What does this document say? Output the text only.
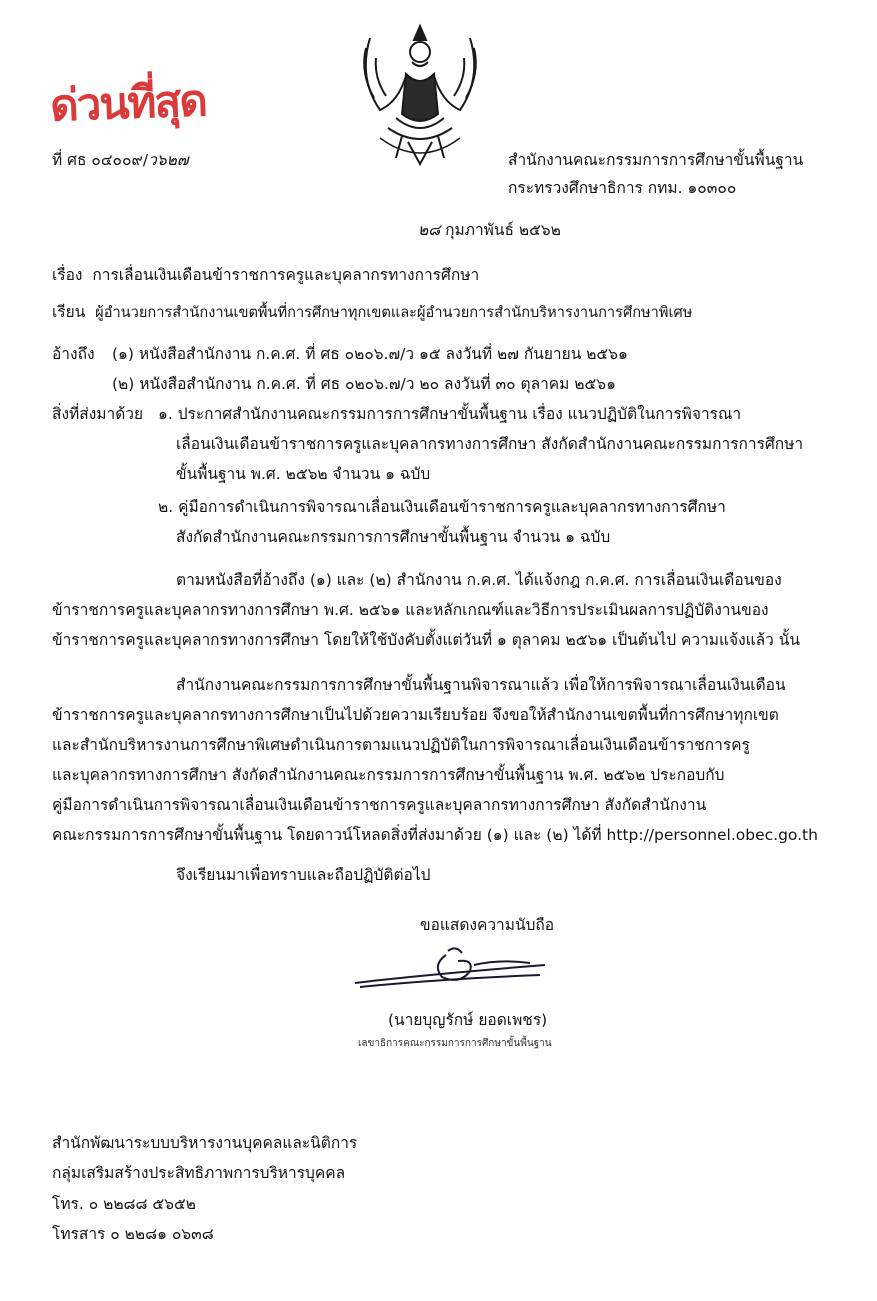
ด่วนที่สุด
ที่ ศธ ๐๔๐๐๙/ว๖๒๗	สำนักงานคณะกรรมการการศึกษาขั้นพื้นฐาน
กระทรวงศึกษาธิการ กทม. ๑๐๓๐๐
๒๘ กุมภาพันธ์ ๒๕๖๒
เรื่อง การเลื่อนเงินเดือนข้าราชการครูและบุคลากรทางการศึกษา
เรียน ผู้อำนวยการสำนักงานเขตพื้นที่การศึกษาทุกเขตและผู้อำนวยการสำนักบริหารงานการศึกษาพิเศษ
อ้างถึง (๑) หนังสือสำนักงาน ก.ค.ศ. ที่ ศธ ๐๒๐๖.๗/ว ๑๕ ลงวันที่ ๒๗ กันยายน ๒๕๖๑
(๒) หนังสือสำนักงาน ก.ค.ศ. ที่ ศธ ๐๒๐๖.๗/ว ๒๐ ลงวันที่ ๓๐ ตุลาคม ๒๕๖๑
สิ่งที่ส่งมาด้วย ๑. ประกาศสำนักงานคณะกรรมการการศึกษาขั้นพื้นฐาน เรื่อง แนวปฏิบัติในการพิจารณา
เลื่อนเงินเดือนข้าราชการครูและบุคลากรทางการศึกษา สังกัดสำนักงานคณะกรรมการการศึกษา
ขั้นพื้นฐาน พ.ศ. ๒๕๖๒ จำนวน ๑ ฉบับ
๒. คู่มือการดำเนินการพิจารณาเลื่อนเงินเดือนข้าราชการครูและบุคลากรทางการศึกษา
สังกัดสำนักงานคณะกรรมการการศึกษาขั้นพื้นฐาน จำนวน ๑ ฉบับ
ตามหนังสือที่อ้างถึง (๑) และ (๒) สำนักงาน ก.ค.ศ. ได้แจ้งกฎ ก.ค.ศ. การเลื่อนเงินเดือนของ
ข้าราชการครูและบุคลากรทางการศึกษา พ.ศ. ๒๕๖๑ และหลักเกณฑ์และวิธีการประเมินผลการปฏิบัติงานของ
ข้าราชการครูและบุคลากรทางการศึกษา โดยให้ใช้บังคับตั้งแต่วันที่ ๑ ตุลาคม ๒๕๖๑ เป็นต้นไป ความแจ้งแล้ว นั้น
สำนักงานคณะกรรมการการศึกษาขั้นพื้นฐานพิจารณาแล้ว เพื่อให้การพิจารณาเลื่อนเงินเดือน
ข้าราชการครูและบุคลากรทางการศึกษาเป็นไปด้วยความเรียบร้อย จึงขอให้สำนักงานเขตพื้นที่การศึกษาทุกเขต
และสำนักบริหารงานการศึกษาพิเศษดำเนินการตามแนวปฏิบัติในการพิจารณาเลื่อนเงินเดือนข้าราชการครู
และบุคลากรทางการศึกษา สังกัดสำนักงานคณะกรรมการการศึกษาขั้นพื้นฐาน พ.ศ. ๒๕๖๒ ประกอบกับ
คู่มือการดำเนินการพิจารณาเลื่อนเงินเดือนข้าราชการครูและบุคลากรทางการศึกษา สังกัดสำนักงาน
คณะกรรมการการศึกษาขั้นพื้นฐาน โดยดาวน์โหลดสิ่งที่ส่งมาด้วย (๑) และ (๒) ได้ที่ http://personnel.obec.go.th
จึงเรียนมาเพื่อทราบและถือปฏิบัติต่อไป
ขอแสดงความนับถือ
(นายบุญรักษ์ ยอดเพชร)
เลขาธิการคณะกรรมการการศึกษาขั้นพื้นฐาน
สำนักพัฒนาระบบบริหารงานบุคคลและนิติการ
กลุ่มเสริมสร้างประสิทธิภาพการบริหารบุคคล
โทร. ๐ ๒๒๘๘ ๕๖๕๒
โทรสาร ๐ ๒๒๘๑ ๐๖๓๘
